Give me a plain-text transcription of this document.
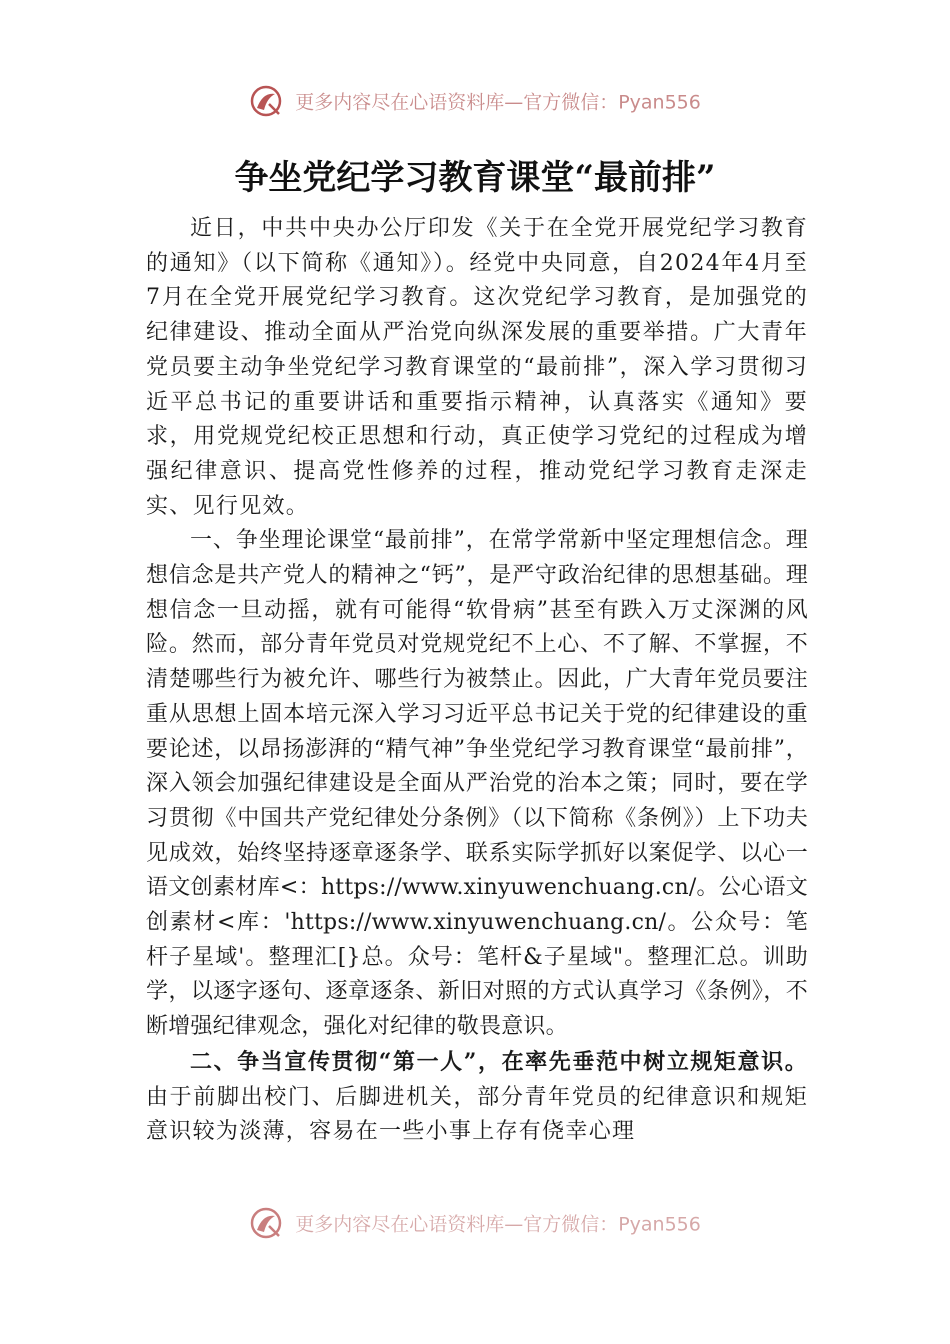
更多内容尽在心语资料库—官方微信：Pyan556
争坐党纪学习教育课堂“最前排”

近日，中共中央办公厅印发《关于在全党开展党纪学习教育的通知》（以下简称《通知》）。经党中央同意，自2024年4月至7月在全党开展党纪学习教育。这次党纪学习教育，是加强党的纪律建设、推动全面从严治党向纵深发展的重要举措。广大青年党员要主动争坐党纪学习教育课堂的“最前排”，深入学习贯彻习近平总书记的重要讲话和重要指示精神，认真落实《通知》要求，用党规党纪校正思想和行动，真正使学习党纪的过程成为增强纪律意识、提高党性修养的过程，推动党纪学习教育走深走实、见行见效。

一、争坐理论课堂“最前排”，在常学常新中坚定理想信念。理想信念是共产党人的精神之“钙”，是严守政治纪律的思想基础。理想信念一旦动摇，就有可能得“软骨病”甚至有跌入万丈深渊的风险。然而，部分青年党员对党规党纪不上心、不了解、不掌握，不清楚哪些行为被允许、哪些行为被禁止。因此，广大青年党员要注重从思想上固本培元深入学习习近平总书记关于党的纪律建设的重要论述，以昂扬澎湃的“精气神”争坐党纪学习教育课堂“最前排”，深入领会加强纪律建设是全面从严治党的治本之策；同时，要在学习贯彻《中国共产党纪律处分条例》（以下简称《条例》）上下功夫见成效，始终坚持逐章逐条学、联系实际学抓好以案促学、以心一语文创素材库<：https://www.xinyuwenchuang.cn/。公心语文创素材<库：'https://www.xinyuwenchuang.cn/。公众号：笔杆子星域'。整理汇[}总。众号：笔杆&子星域"。整理汇总。训助学，以逐字逐句、逐章逐条、新旧对照的方式认真学习《条例》，不断增强纪律观念，强化对纪律的敬畏意识。

二、争当宣传贯彻“第一人”，在率先垂范中树立规矩意识。由于前脚出校门、后脚进机关，部分青年党员的纪律意识和规矩意识较为淡薄，容易在一些小事上存有侥幸心理

更多内容尽在心语资料库—官方微信：Pyan556
